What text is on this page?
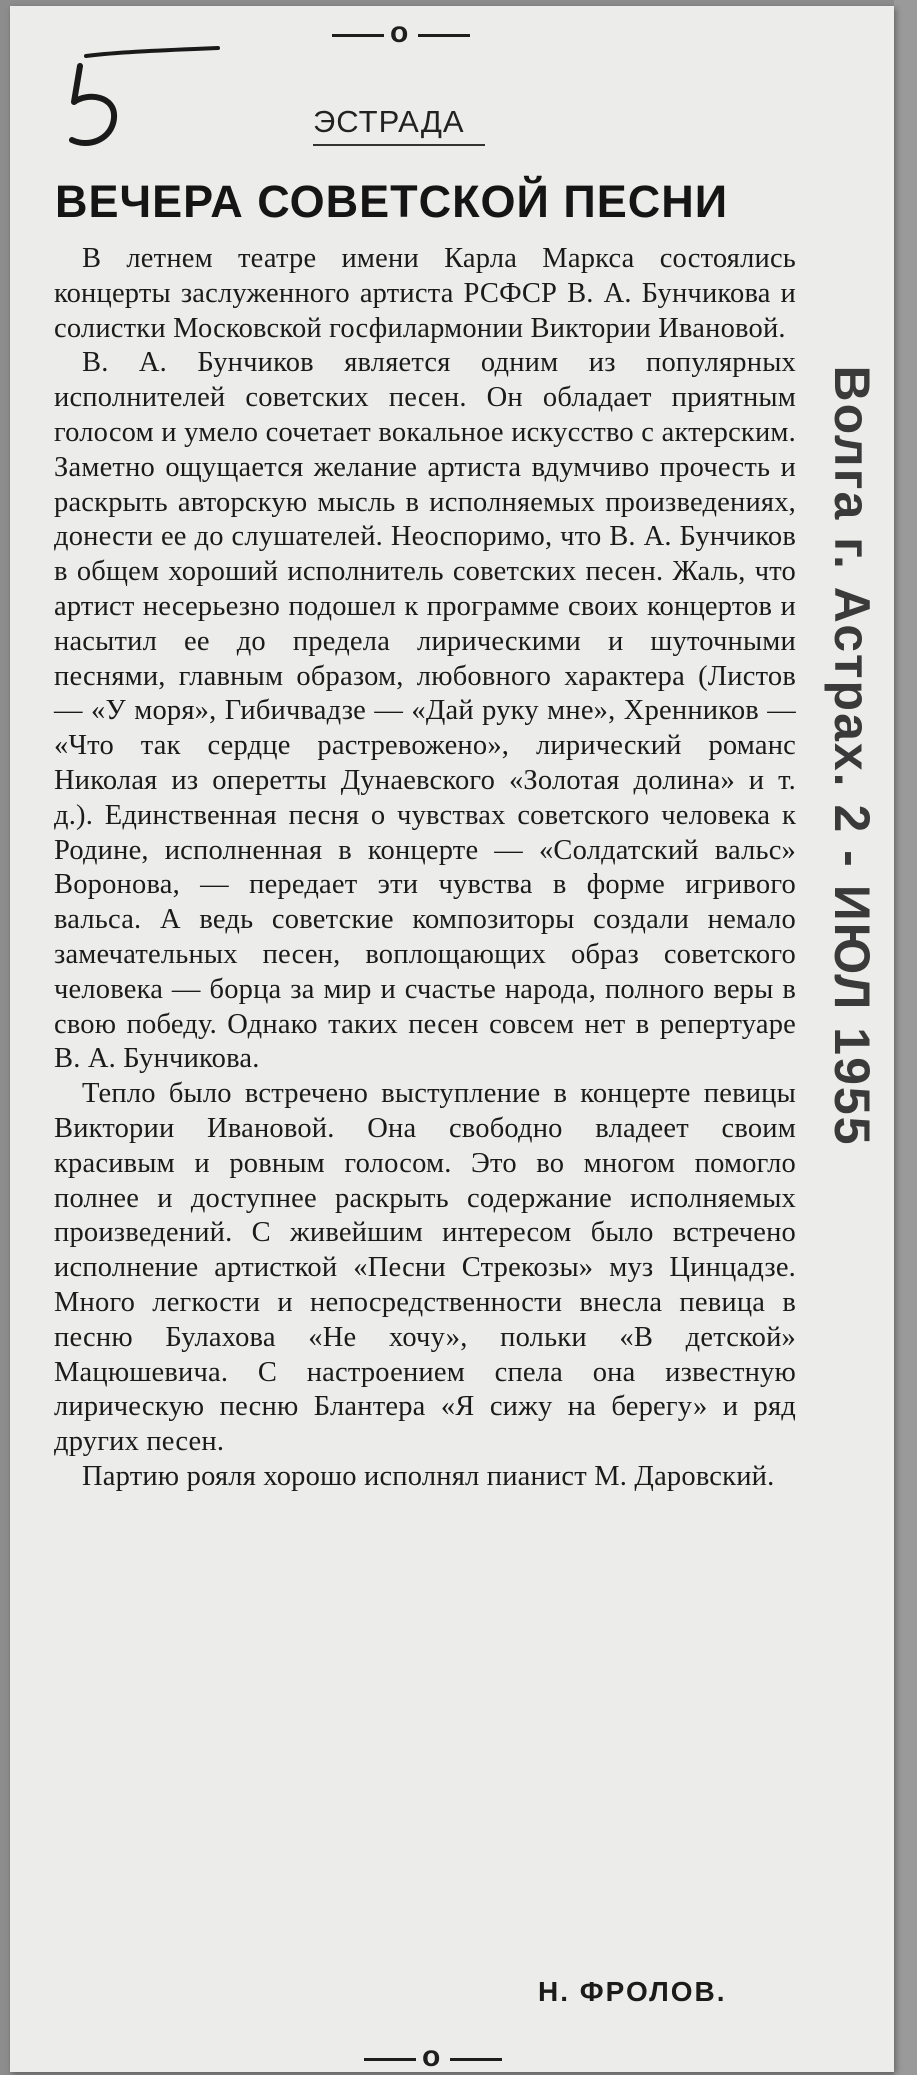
o
ЭСТРАДА
ВЕЧЕРА СОВЕТСКОЙ ПЕСНИ

В летнем театре имени Карла Маркса состоялись концерты заслуженного артиста РСФСР В. А. Бунчикова и солистки Московской госфилармонии Виктории Ивановой.

В. А. Бунчиков является одним из популярных исполнителей советских песен. Он обладает приятным голосом и умело сочетает вокальное искусство с актерским. Заметно ощущается желание артиста вдумчиво прочесть и раскрыть авторскую мысль в исполняемых произведениях, донести ее до слушателей. Неоспоримо, что В. А. Бунчиков в общем хороший исполнитель советских песен. Жаль, что артист несерьезно подошел к программе своих концертов и насытил ее до предела лирическими и шуточными песнями, главным образом, любовного характера (Листов — «У моря», Гибичвадзе — «Дай руку мне», Хренников — «Что так сердце растревожено», лирический романс Николая из оперетты Дунаевского «Золотая долина» и т. д.). Единственная песня о чувствах советского человека к Родине, исполненная в концерте — «Солдатский вальс» Воронова, — передает эти чувства в форме игривого вальса. А ведь советские композиторы создали немало замечательных песен, воплощающих образ советского человека — борца за мир и счастье народа, полного веры в свою победу. Однако таких песен совсем нет в репертуаре В. А. Бунчикова.

Тепло было встречено выступление в концерте певицы Виктории Ивановой. Она свободно владеет своим красивым и ровным голосом. Это во многом помогло полнее и доступнее раскрыть содержание исполняемых произведений. С живейшим интересом было встречено исполнение артисткой «Песни Стрекозы» муз Цинцадзе. Много легкости и непосредственности внесла певица в песню Булахова «Не хочу», польки «В детской» Мацюшевича. С настроением спела она известную лирическую песню Блантера «Я сижу на берегу» и ряд других песен.

Партию рояля хорошо исполнял пианист М. Даровский.

Н. ФРОЛОВ.
o
Волга г. Астрах. 2 - ИЮЛ 1955
